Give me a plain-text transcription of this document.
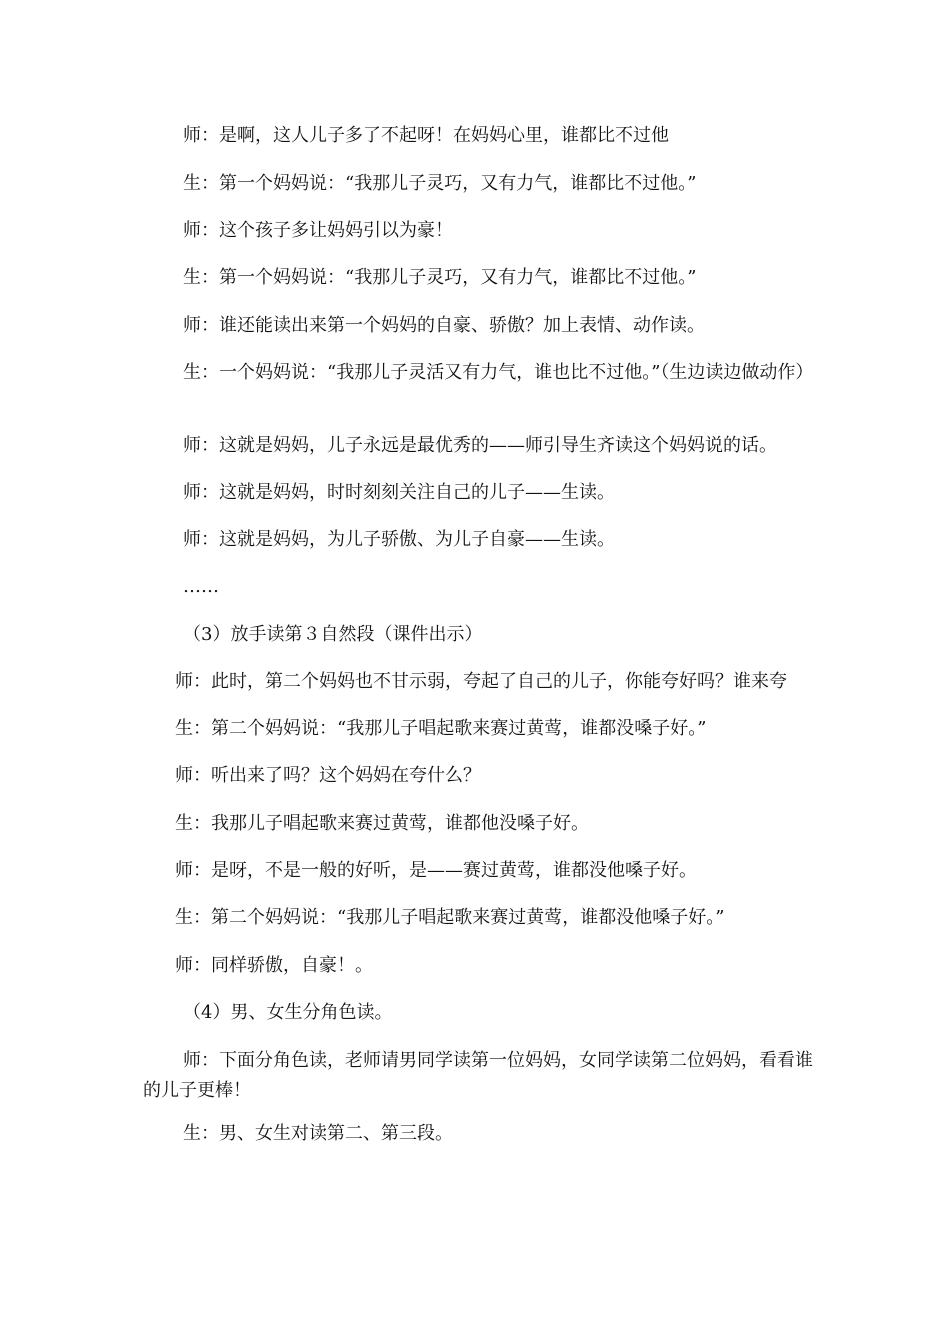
师：是啊，这人儿子多了不起呀！在妈妈心里，谁都比不过他

生：第一个妈妈说：“我那儿子灵巧，又有力气，谁都比不过他。”

师：这个孩子多让妈妈引以为豪！

生：第一个妈妈说：“我那儿子灵巧，又有力气，谁都比不过他。”

师：谁还能读出来第一个妈妈的自豪、骄傲？加上表情、动作读。

生：一个妈妈说：“我那儿子灵活又有力气，谁也比不过他。”（生边读边做动作）

师：这就是妈妈，儿子永远是最优秀的——师引导生齐读这个妈妈说的话。

师：这就是妈妈，时时刻刻关注自己的儿子——生读。

师：这就是妈妈，为儿子骄傲、为儿子自豪——生读。

……

（3）放手读第３自然段（课件出示）

师：此时，第二个妈妈也不甘示弱，夸起了自己的儿子，你能夸好吗？谁来夸

生：第二个妈妈说：“我那儿子唱起歌来赛过黄莺，谁都没嗓子好。”

师：听出来了吗？这个妈妈在夸什么？

生：我那儿子唱起歌来赛过黄莺，谁都他没嗓子好。

师：是呀，不是一般的好听，是——赛过黄莺，谁都没他嗓子好。

生：第二个妈妈说：“我那儿子唱起歌来赛过黄莺，谁都没他嗓子好。”

师：同样骄傲，自豪！。

（4）男、女生分角色读。

师：下面分角色读，老师请男同学读第一位妈妈，女同学读第二位妈妈，看看谁的儿子更棒！

生：男、女生对读第二、第三段。
